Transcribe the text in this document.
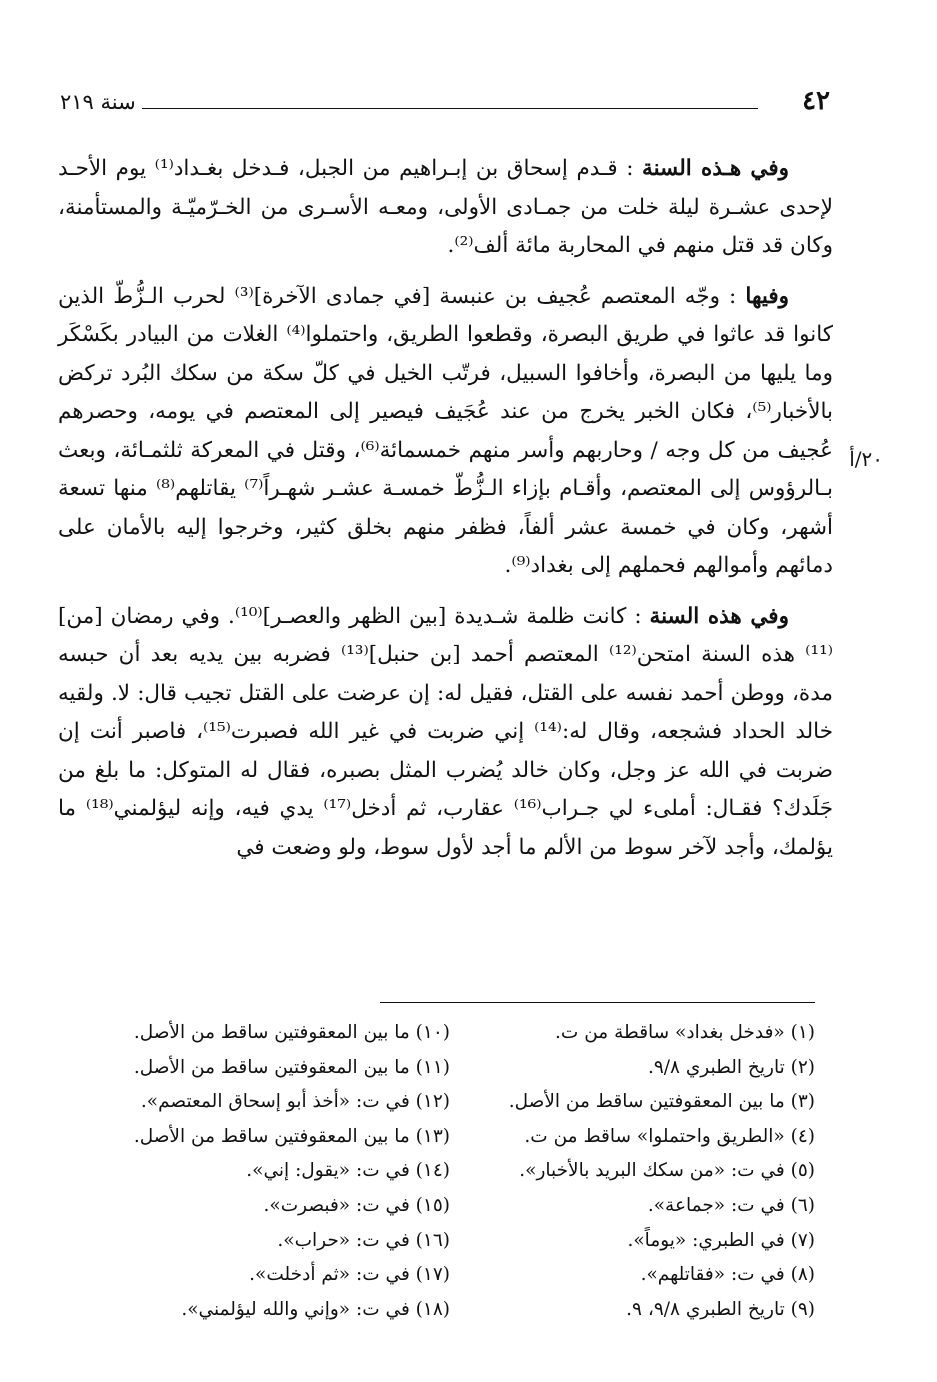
٤٢
سنة ٢١٩

وفي هـذه السنة : قـدم إسحاق بن إبـراهيم من الجبل، فـدخل بغـداد⁽¹⁾ يوم الأحـد لإحدى عشـرة ليلة خلت من جمـادى الأولى، ومعـه الأسـرى من الخـرّميّـة والمستأمنة، وكان قد قتل منهم في المحاربة مائة ألف⁽²⁾.

وفيها : وجّه المعتصم عُجيف بن عنبسة [في جمادى الآخرة]⁽³⁾ لحرب الـزُّطّ الذين كانوا قد عاثوا في طريق البصرة، وقطعوا الطريق، واحتملوا⁽⁴⁾ الغلات من البيادر بكَسْكَر وما يليها من البصرة، وأخافوا السبيل، فرتّب الخيل في كلّ سكة من سكك البُرد تركض بالأخبار⁽⁵⁾، فكان الخبر يخرج من عند عُجَيف فيصير إلى المعتصم في يومه، وحصرهم عُجيف من كل وجه / وحاربهم وأسر منهم خمسمائة⁽⁶⁾، وقتل في المعركة ثلثمـائة، وبعث بـالرؤوس إلى المعتصم، وأقـام بإزاء الـزُّطّ خمسـة عشـر شهـراً⁽⁷⁾ يقاتلهم⁽⁸⁾ منها تسعة أشهر، وكان في خمسة عشر ألفاً، فظفر منهم بخلق كثير، وخرجوا إليه بالأمان على دمائهم وأموالهم فحملهم إلى بغداد⁽⁹⁾.

٢٠/أ

وفي هذه السنة : كانت ظلمة شـديدة [بين الظهر والعصـر]⁽¹⁰⁾. وفي رمضان [من]⁽¹¹⁾ هذه السنة امتحن⁽¹²⁾ المعتصم أحمد [بن حنبل]⁽¹³⁾ فضربه بين يديه بعد أن حبسه مدة، ووطن أحمد نفسه على القتل، فقيل له: إن عرضت على القتل تجيب قال: لا. ولقيه خالد الحداد فشجعه، وقال له:⁽¹⁴⁾ إني ضربت في غير الله فصبرت⁽¹⁵⁾، فاصبر أنت إن ضربت في الله عز وجل، وكان خالد يُضرب المثل بصبره، فقال له المتوكل: ما بلغ من جَلَدك؟ فقـال: أملىء لي جـراب⁽¹⁶⁾ عقارب، ثم أدخل⁽¹⁷⁾ يدي فيه، وإنه ليؤلمني⁽¹⁸⁾ ما يؤلمك، وأجد لآخر سوط من الألم ما أجد لأول سوط، ولو وضعت في

(١) «فدخل بغداد» ساقطة من ت.
(٢) تاريخ الطبري ٩/٨.
(٣) ما بين المعقوفتين ساقط من الأصل.
(٤) «الطريق واحتملوا» ساقط من ت.
(٥) في ت: «من سكك البريد بالأخبار».
(٦) في ت: «جماعة».
(٧) في الطبري: «يوماً».
(٨) في ت: «فقاتلهم».
(٩) تاريخ الطبري ٩/٨، ٩.
(١٠) ما بين المعقوفتين ساقط من الأصل.
(١١) ما بين المعقوفتين ساقط من الأصل.
(١٢) في ت: «أخذ أبو إسحاق المعتصم».
(١٣) ما بين المعقوفتين ساقط من الأصل.
(١٤) في ت: «يقول: إني».
(١٥) في ت: «فبصرت».
(١٦) في ت: «حراب».
(١٧) في ت: «ثم أدخلت».
(١٨) في ت: «وإني والله ليؤلمني».
